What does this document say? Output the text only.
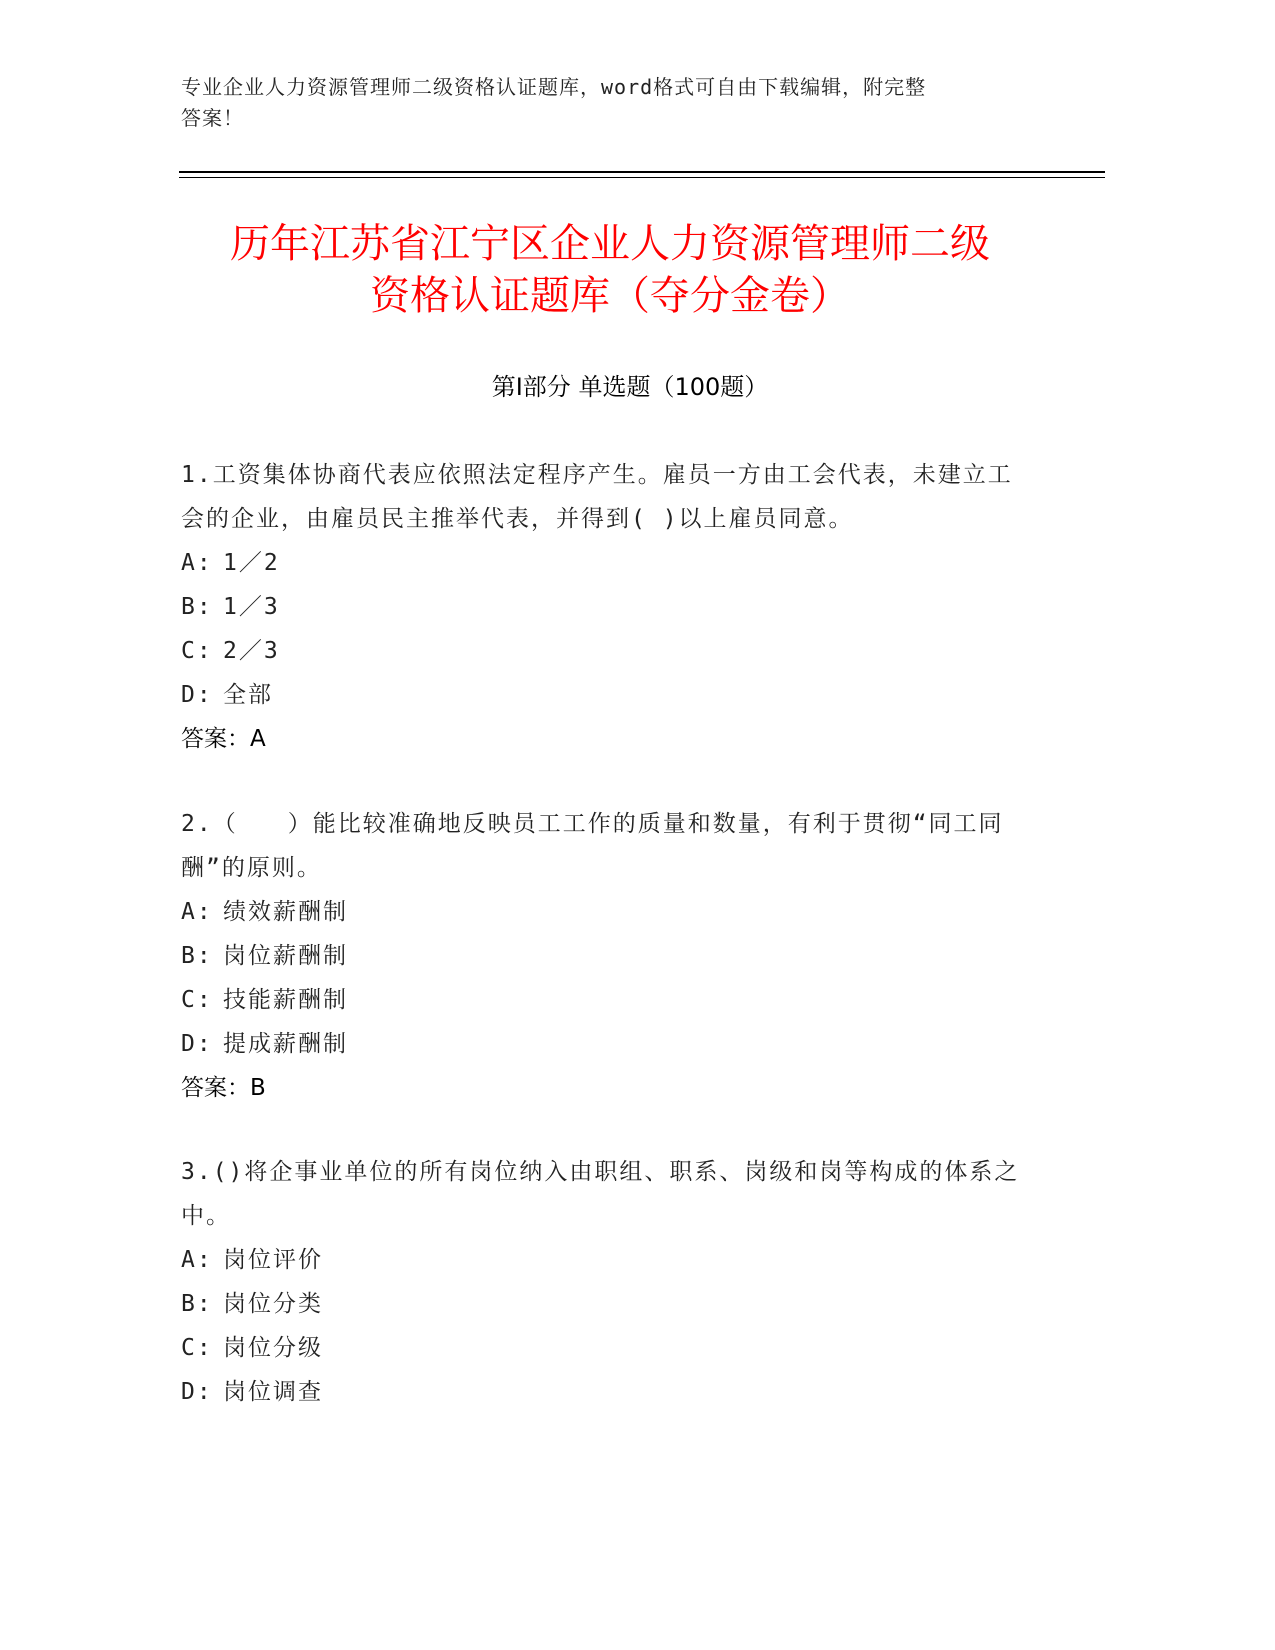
专业企业人力资源管理师二级资格认证题库，word格式可自由下载编辑，附完整
答案！
历年江苏省江宁区企业人力资源管理师二级
资格认证题库（夺分金卷）
第Ⅰ部分 单选题（100题）

1.工资集体协商代表应依照法定程序产生。雇员一方由工会代表，未建立工会的企业，由雇员民主推举代表，并得到( )以上雇员同意。

A: 1／2
B: 1／3
C: 2／3
D: 全部

答案：A

2.（　　）能比较准确地反映员工工作的质量和数量，有利于贯彻“同工同酬”的原则。

A: 绩效薪酬制
B: 岗位薪酬制
C: 技能薪酬制
D: 提成薪酬制

答案：B

3.()将企事业单位的所有岗位纳入由职组、职系、岗级和岗等构成的体系之中。

A: 岗位评价
B: 岗位分类
C: 岗位分级
D: 岗位调查
